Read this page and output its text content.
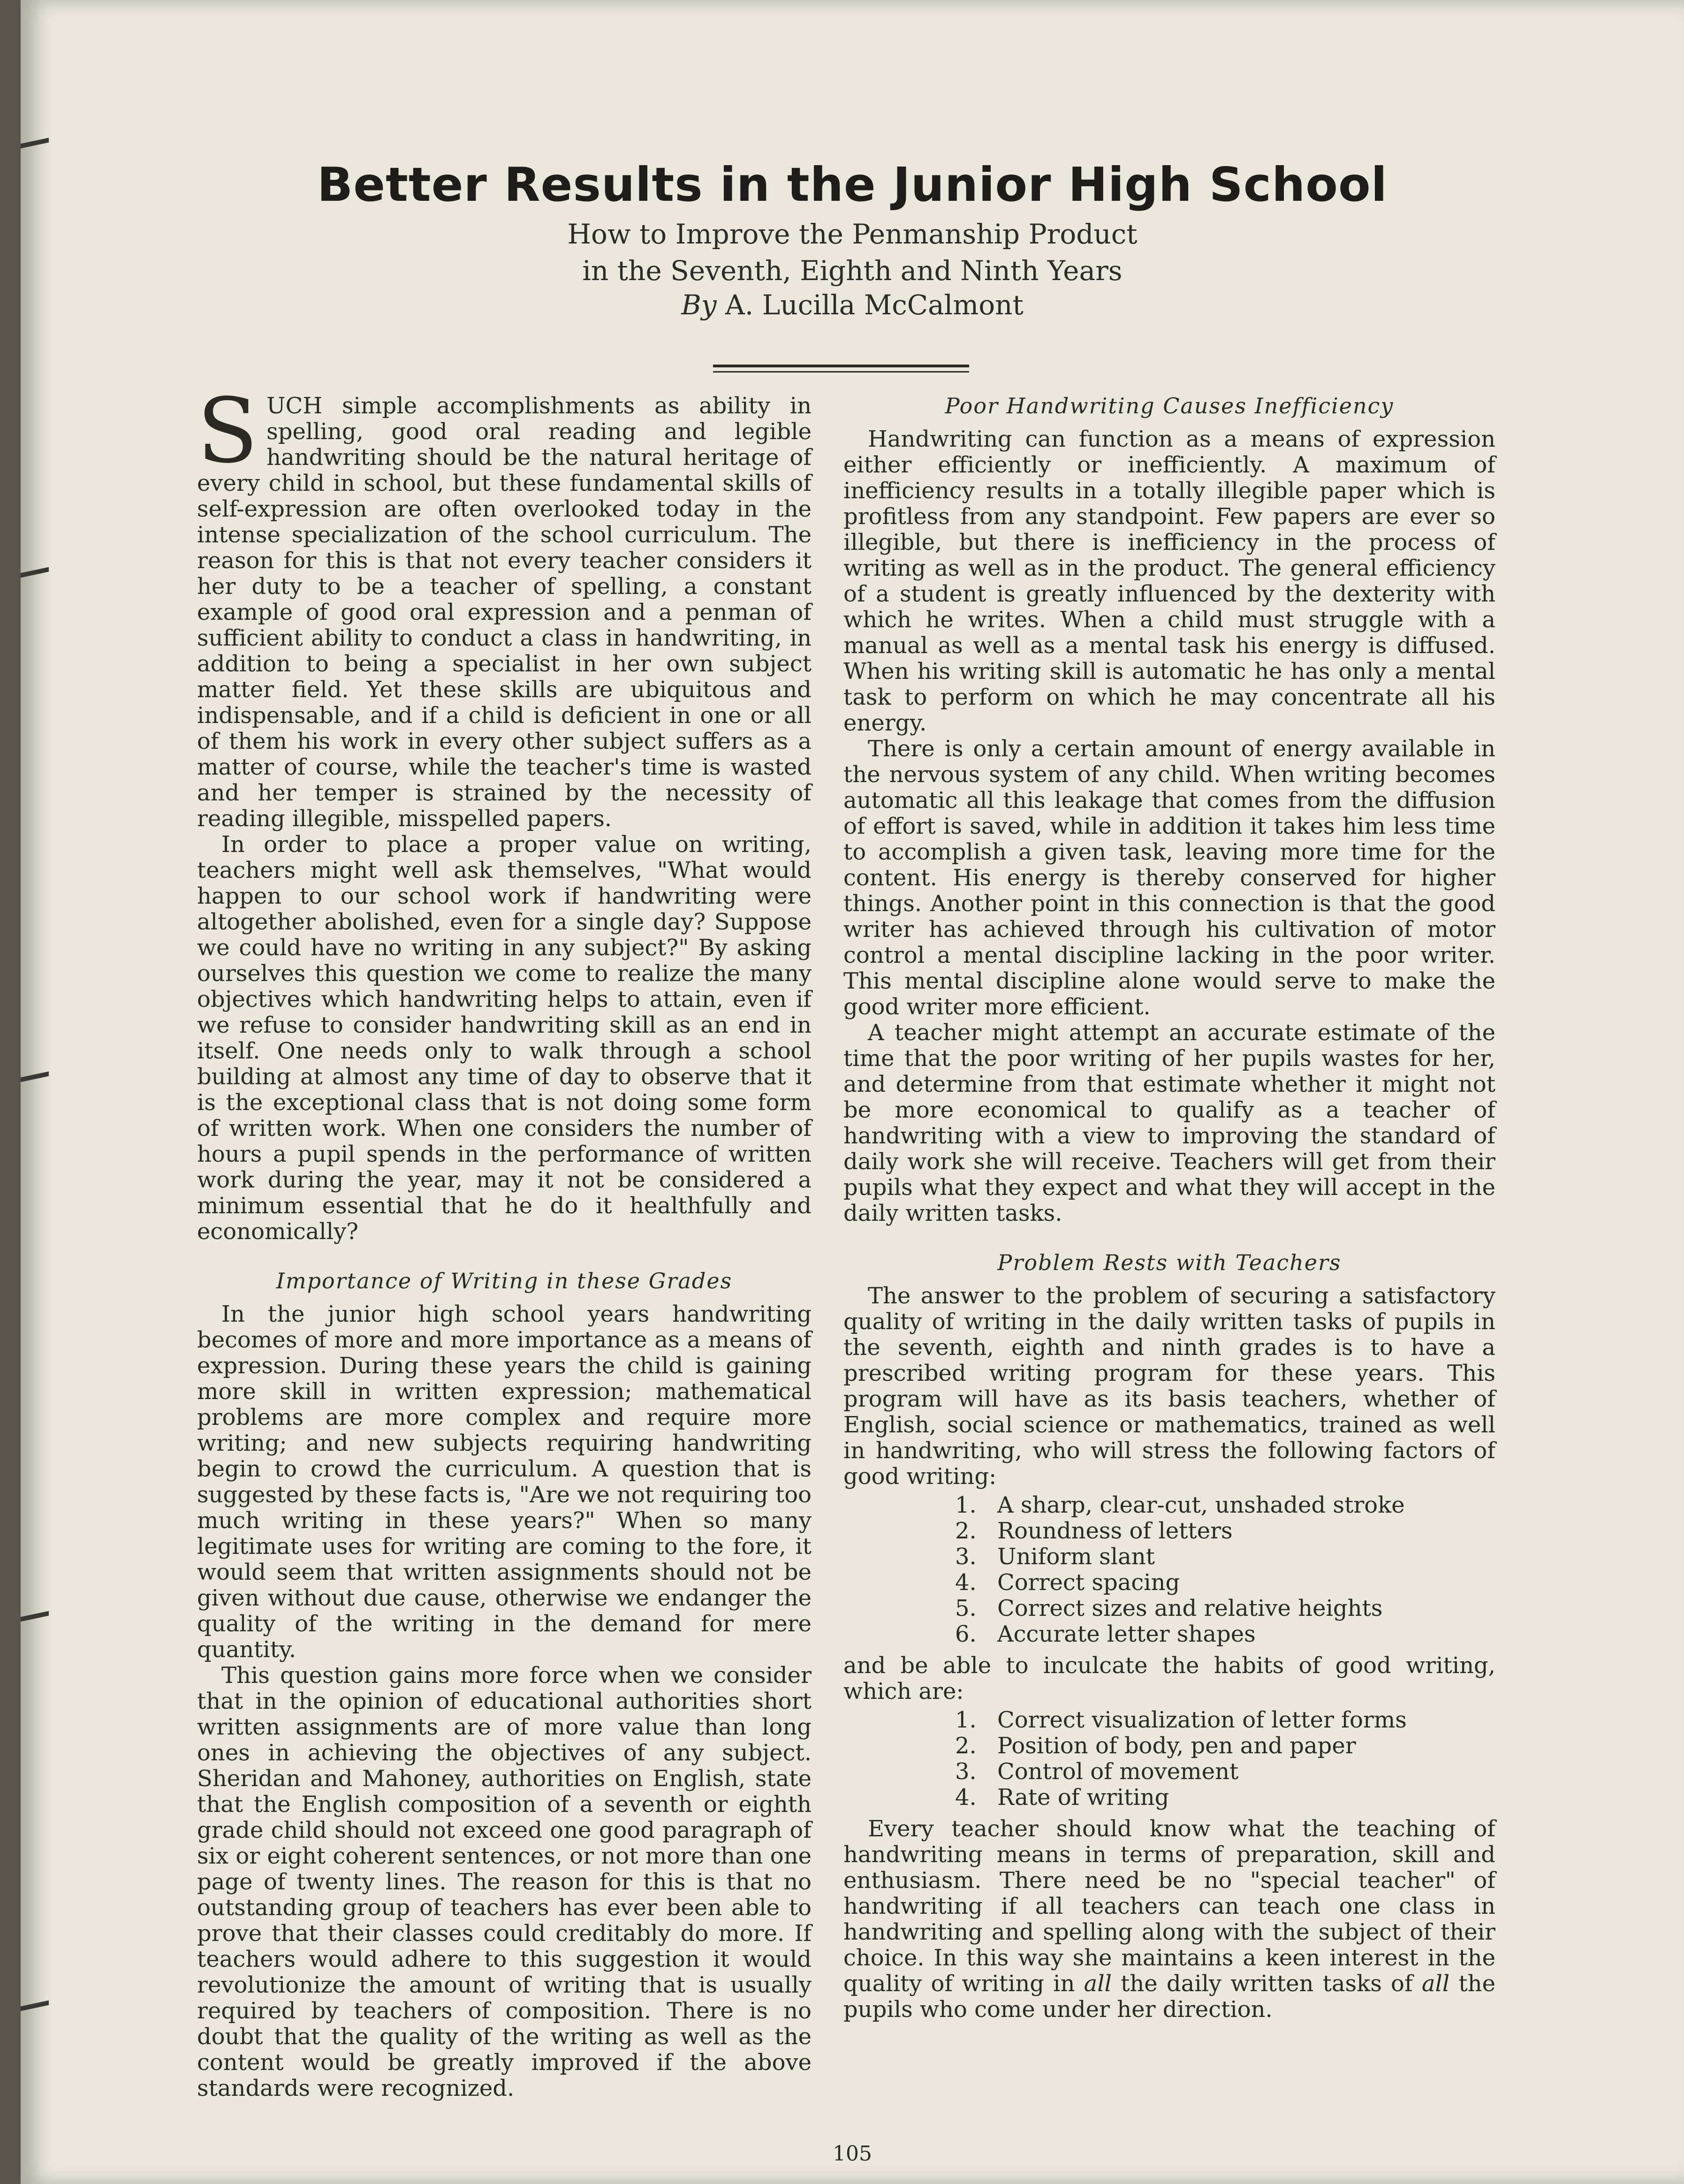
Better Results in the Junior High School
How to Improve the Penmanship Product
in the Seventh, Eighth and Ninth Years
By A. Lucilla McCalmont

SUCH simple accomplishments as ability in spelling, good oral reading and legible handwriting should be the natural heritage of every child in school, but these fundamental skills of self-expression are often overlooked today in the intense specialization of the school curriculum. The reason for this is that not every teacher considers it her duty to be a teacher of spelling, a constant example of good oral expression and a penman of sufficient ability to conduct a class in handwriting, in addition to being a specialist in her own subject matter field. Yet these skills are ubiquitous and indispensable, and if a child is deficient in one or all of them his work in every other subject suffers as a matter of course, while the teacher's time is wasted and her temper is strained by the necessity of reading illegible, misspelled papers.

In order to place a proper value on writing, teachers might well ask themselves, "What would happen to our school work if handwriting were altogether abolished, even for a single day? Suppose we could have no writing in any subject?" By asking ourselves this question we come to realize the many objectives which handwriting helps to attain, even if we refuse to consider handwriting skill as an end in itself. One needs only to walk through a school building at almost any time of day to observe that it is the exceptional class that is not doing some form of written work. When one considers the number of hours a pupil spends in the performance of written work during the year, may it not be considered a minimum essential that he do it healthfully and economically?

Importance of Writing in these Grades

In the junior high school years handwriting becomes of more and more importance as a means of expression. During these years the child is gaining more skill in written expression; mathematical problems are more complex and require more writing; and new subjects requiring handwriting begin to crowd the curriculum. A question that is suggested by these facts is, "Are we not requiring too much writing in these years?" When so many legitimate uses for writing are coming to the fore, it would seem that written assignments should not be given without due cause, otherwise we endanger the quality of the writing in the demand for mere quantity.

This question gains more force when we consider that in the opinion of educational authorities short written assignments are of more value than long ones in achieving the objectives of any subject. Sheridan and Mahoney, authorities on English, state that the English composition of a seventh or eighth grade child should not exceed one good paragraph of six or eight coherent sentences, or not more than one page of twenty lines. The reason for this is that no outstanding group of teachers has ever been able to prove that their classes could creditably do more. If teachers would adhere to this suggestion it would revolutionize the amount of writing that is usually required by teachers of composition. There is no doubt that the quality of the writing as well as the content would be greatly improved if the above standards were recognized.

Poor Handwriting Causes Inefficiency

Handwriting can function as a means of expression either efficiently or inefficiently. A maximum of inefficiency results in a totally illegible paper which is profitless from any standpoint. Few papers are ever so illegible, but there is inefficiency in the process of writing as well as in the product. The general efficiency of a student is greatly influenced by the dexterity with which he writes. When a child must struggle with a manual as well as a mental task his energy is diffused. When his writing skill is automatic he has only a mental task to perform on which he may concentrate all his energy.

There is only a certain amount of energy available in the nervous system of any child. When writing becomes automatic all this leakage that comes from the diffusion of effort is saved, while in addition it takes him less time to accomplish a given task, leaving more time for the content. His energy is thereby conserved for higher things. Another point in this connection is that the good writer has achieved through his cultivation of motor control a mental discipline lacking in the poor writer. This mental discipline alone would serve to make the good writer more efficient.

A teacher might attempt an accurate estimate of the time that the poor writing of her pupils wastes for her, and determine from that estimate whether it might not be more economical to qualify as a teacher of handwriting with a view to improving the standard of daily work she will receive. Teachers will get from their pupils what they expect and what they will accept in the daily written tasks.

Problem Rests with Teachers

The answer to the problem of securing a satisfactory quality of writing in the daily written tasks of pupils in the seventh, eighth and ninth grades is to have a prescribed writing program for these years. This program will have as its basis teachers, whether of English, social science or mathematics, trained as well in handwriting, who will stress the following factors of good writing:

1. A sharp, clear-cut, unshaded stroke
2. Roundness of letters
3. Uniform slant
4. Correct spacing
5. Correct sizes and relative heights
6. Accurate letter shapes

and be able to inculcate the habits of good writing, which are:

1. Correct visualization of letter forms
2. Position of body, pen and paper
3. Control of movement
4. Rate of writing

Every teacher should know what the teaching of handwriting means in terms of preparation, skill and enthusiasm. There need be no "special teacher" of handwriting if all teachers can teach one class in handwriting and spelling along with the subject of their choice. In this way she maintains a keen interest in the quality of writing in all the daily written tasks of all the pupils who come under her direction.

105
